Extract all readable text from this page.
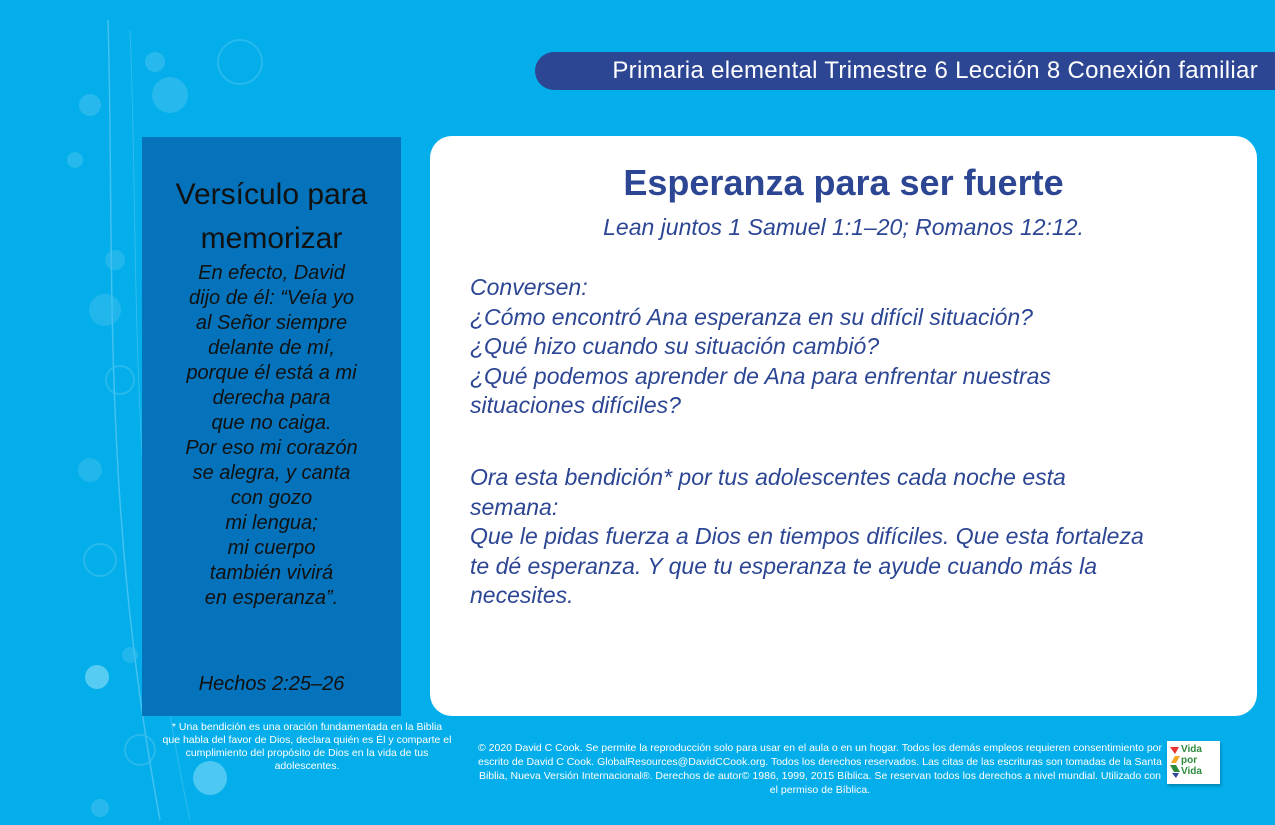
Primaria elemental Trimestre 6 Lección 8 Conexión familiar
Versículo para memorizar
En efecto, David
dijo de él: “Veía yo
al Señor siempre
delante de mí,
porque él está a mi
derecha para
que no caiga.
Por eso mi corazón
se alegra, y canta
con gozo
mi lengua;
mi cuerpo
también vivirá
en esperanza”.
Hechos 2:25–26
* Una bendición es una oración fundamentada en la Biblia que habla del favor de Dios, declara quién es Él y comparte el cumplimiento del propósito de Dios en la vida de tus adolescentes.
Esperanza para ser fuerte
Lean juntos 1 Samuel 1:1–20; Romanos 12:12.
Conversen:
¿Cómo encontró Ana esperanza en su difícil situación?
¿Qué hizo cuando su situación cambió?
¿Qué podemos aprender de Ana para enfrentar nuestras
situaciones difíciles?
Ora esta bendición* por tus adolescentes cada noche esta
semana:
Que le pidas fuerza a Dios en tiempos difíciles. Que esta fortaleza
te dé esperanza. Y que tu esperanza te ayude cuando más la
necesites.
© 2020 David C Cook. Se permite la reproducción solo para usar en el aula o en un hogar. Todos los demás empleos requieren consentimiento por escrito de David C Cook. GlobalResources@DavidCCook.org. Todos los derechos reservados. Las citas de las escrituras son tomadas de la Santa Biblia, Nueva Versión Internacional®. Derechos de autor© 1986, 1999, 2015 Bíblica. Se reservan todos los derechos a nivel mundial. Utilizado con el permiso de Bíblica.
Vida
por
Vida
